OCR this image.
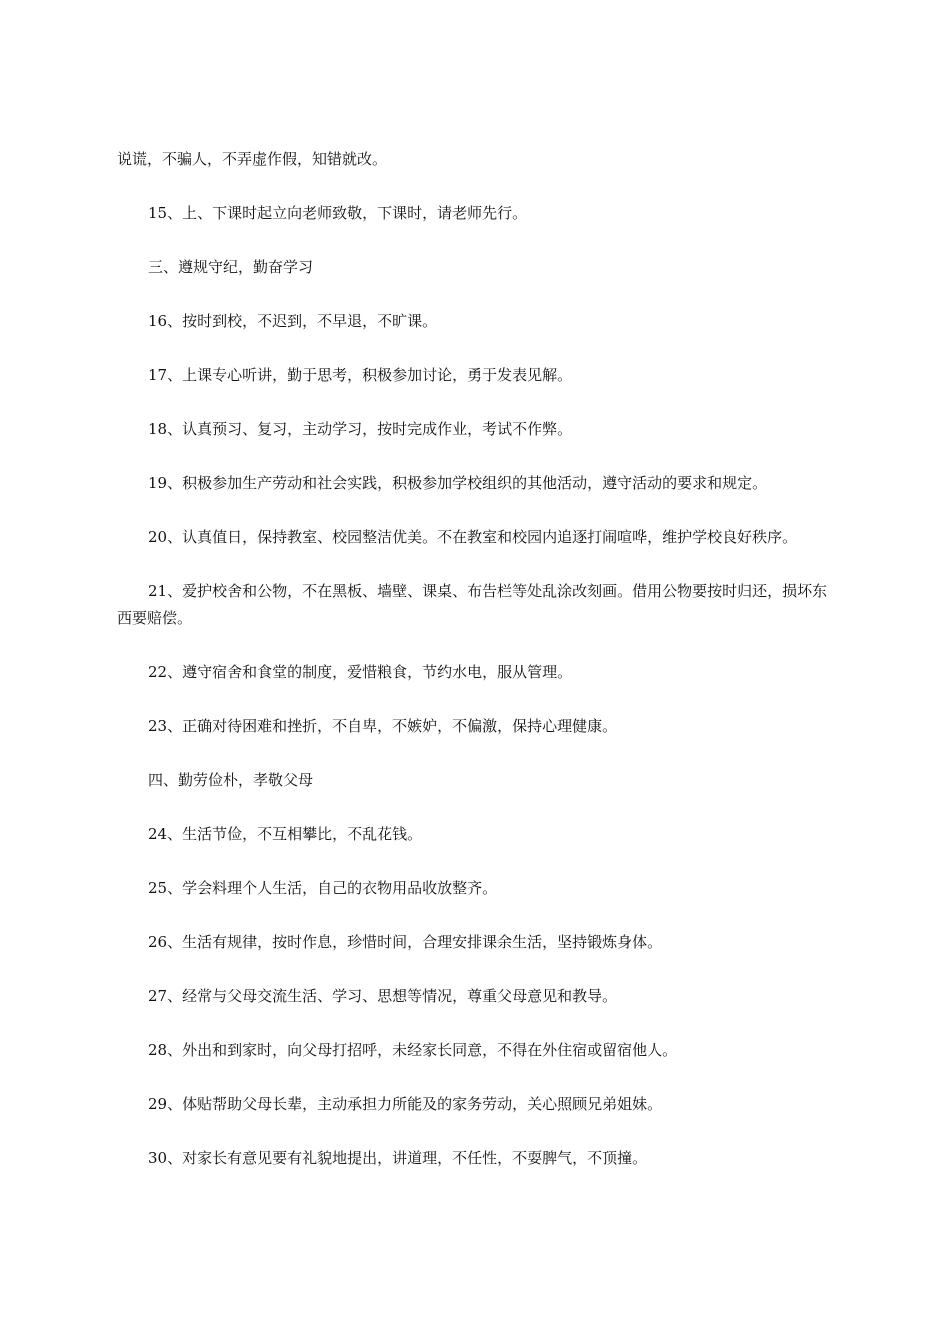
说谎，不骗人，不弄虚作假，知错就改。

15、上、下课时起立向老师致敬，下课时，请老师先行。

三、遵规守纪，勤奋学习

16、按时到校，不迟到，不早退，不旷课。

17、上课专心听讲，勤于思考，积极参加讨论，勇于发表见解。

18、认真预习、复习，主动学习，按时完成作业，考试不作弊。

19、积极参加生产劳动和社会实践，积极参加学校组织的其他活动，遵守活动的要求和规定。

20、认真值日，保持教室、校园整洁优美。不在教室和校园内追逐打闹喧哗，维护学校良好秩序。

21、爱护校舍和公物，不在黑板、墙壁、课桌、布告栏等处乱涂改刻画。借用公物要按时归还，损坏东西要赔偿。

22、遵守宿舍和食堂的制度，爱惜粮食，节约水电，服从管理。

23、正确对待困难和挫折，不自卑，不嫉妒，不偏激，保持心理健康。

四、勤劳俭朴，孝敬父母

24、生活节俭，不互相攀比，不乱花钱。

25、学会料理个人生活，自己的衣物用品收放整齐。

26、生活有规律，按时作息，珍惜时间，合理安排课余生活，坚持锻炼身体。

27、经常与父母交流生活、学习、思想等情况，尊重父母意见和教导。

28、外出和到家时，向父母打招呼，未经家长同意，不得在外住宿或留宿他人。

29、体贴帮助父母长辈，主动承担力所能及的家务劳动，关心照顾兄弟姐妹。

30、对家长有意见要有礼貌地提出，讲道理，不任性，不耍脾气，不顶撞。
